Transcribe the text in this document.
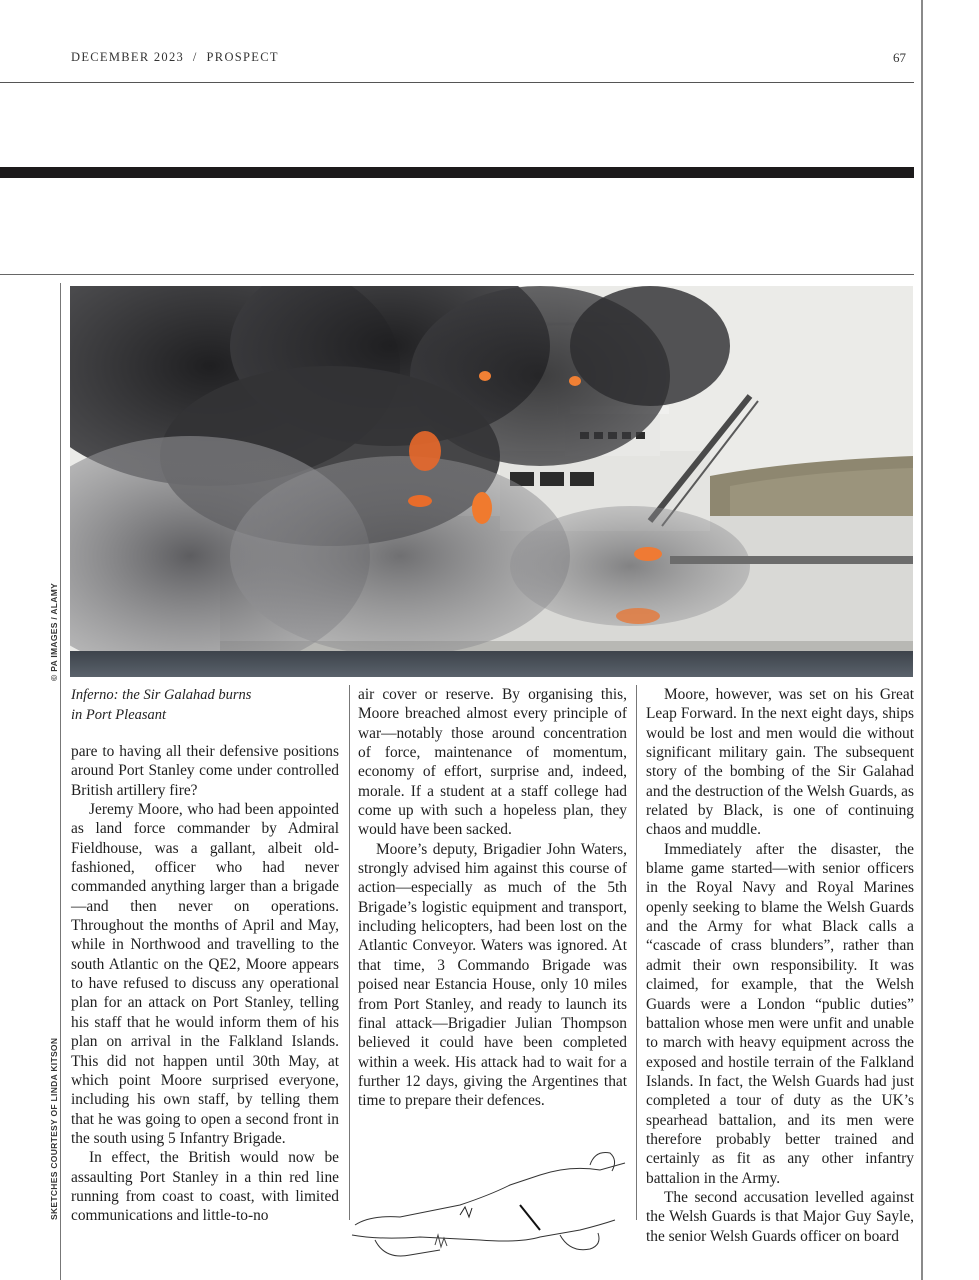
DECEMBER 2023  /  PROSPECT	67
© PA IMAGES / ALAMY
SKETCHES COURTESY OF LINDA KITSON
Inferno: the Sir Galahad burns
in Port Pleasant

pare to having all their defensive positions around Port Stanley come under controlled British artillery fire?

Jeremy Moore, who had been appointed as land force commander by Admiral Fieldhouse, was a gallant, albeit old-fashioned, officer who had never commanded anything larger than a brigade—and then never on operations. Throughout the months of April and May, while in Northwood and travelling to the south Atlantic on the QE2, Moore appears to have refused to discuss any operational plan for an attack on Port Stanley, telling his staff that he would inform them of his plan on arrival in the Falkland Islands. This did not happen until 30th May, at which point Moore surprised everyone, including his own staff, by telling them that he was going to open a second front in the south using 5 Infantry Brigade.

In effect, the British would now be assaulting Port Stanley in a thin red line running from coast to coast, with limited communications and little-to-no

air cover or reserve. By organising this, Moore breached almost every principle of war—notably those around concentration of force, maintenance of momentum, economy of effort, surprise and, indeed, morale. If a student at a staff college had come up with such a hopeless plan, they would have been sacked.

Moore’s deputy, Brigadier John Waters, strongly advised him against this course of action—especially as much of the 5th Brigade’s logistic equipment and transport, including helicopters, had been lost on the Atlantic Conveyor. Waters was ignored. At that time, 3 Commando Brigade was poised near Estancia House, only 10 miles from Port Stanley, and ready to launch its final attack—Brigadier Julian Thompson believed it could have been completed within a week. His attack had to wait for a further 12 days, giving the Argentines that time to prepare their defences.

Moore, however, was set on his Great Leap Forward. In the next eight days, ships would be lost and men would die without significant military gain. The subsequent story of the bombing of the Sir Galahad and the destruction of the Welsh Guards, as related by Black, is one of continuing chaos and muddle.

Immediately after the disaster, the blame game started—with senior officers in the Royal Navy and Royal Marines openly seeking to blame the Welsh Guards and the Army for what Black calls a “cascade of crass blunders”, rather than admit their own responsibility. It was claimed, for example, that the Welsh Guards were a London “public duties” battalion whose men were unfit and unable to march with heavy equipment across the exposed and hostile terrain of the Falkland Islands. In fact, the Welsh Guards had just completed a tour of duty as the UK’s spearhead battalion, and its men were therefore probably better trained and certainly as fit as any other infantry battalion in the Army.

The second accusation levelled against the Welsh Guards is that Major Guy Sayle, the senior Welsh Guards officer on board
